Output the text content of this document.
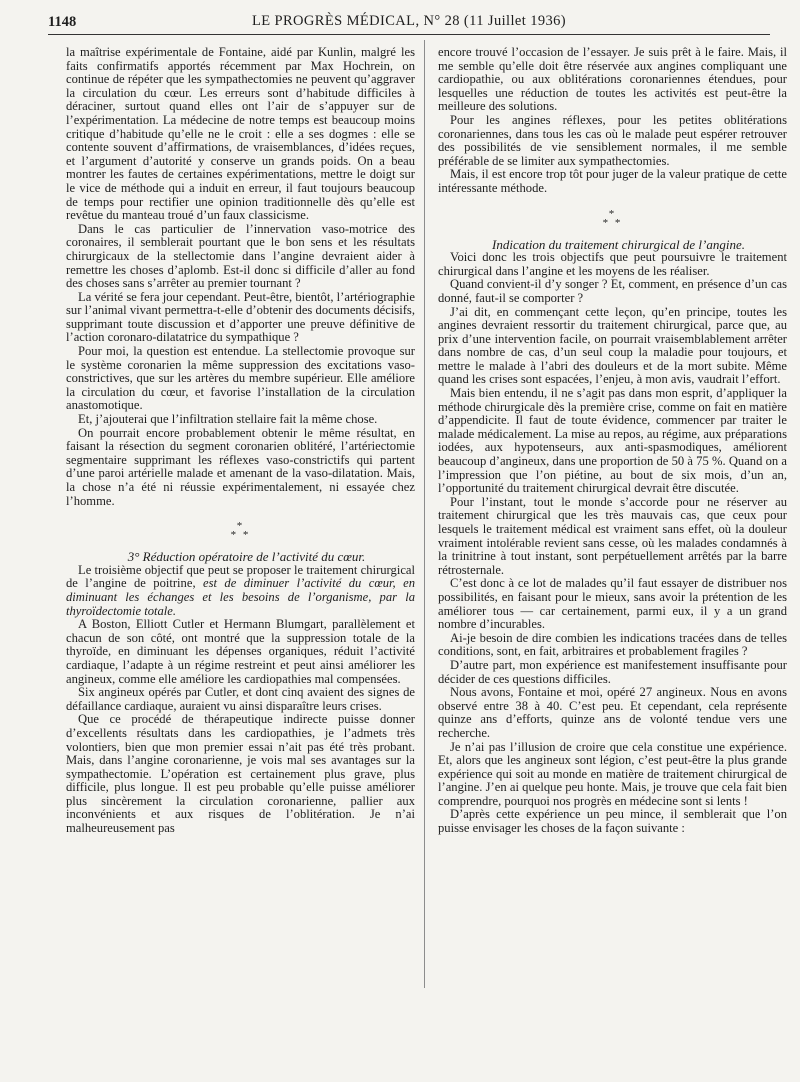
1148	LE PROGRÈS MÉDICAL, N° 28 (11 Juillet 1936)

la maîtrise expérimentale de Fontaine, aidé par Kunlin, malgré les faits confirmatifs apportés récemment par Max Hochrein, on continue de répéter que les sympathectomies ne peuvent qu’aggraver la circulation du cœur. Les erreurs sont d’habitude difficiles à déraciner, surtout quand elles ont l’air de s’appuyer sur de l’expérimentation. La médecine de notre temps est beaucoup moins critique d’habitude qu’elle ne le croit : elle a ses dogmes : elle se contente souvent d’affirmations, de vraisemblances, d’idées reçues, et l’argument d’autorité y conserve un grands poids. On a beau montrer les fautes de certaines expérimentations, mettre le doigt sur le vice de méthode qui a induit en erreur, il faut toujours beaucoup de temps pour rectifier une opinion traditionnelle dès qu’elle est revêtue du manteau troué d’un faux classicisme.

Dans le cas particulier de l’innervation vaso-motrice des coronaires, il semblerait pourtant que le bon sens et les résultats chirurgicaux de la stellectomie dans l’angine devraient aider à remettre les choses d’aplomb. Est-il donc si difficile d’aller au fond des choses sans s’arrêter au premier tournant ?

La vérité se fera jour cependant. Peut-être, bientôt, l’artériographie sur l’animal vivant permettra-t-elle d’obtenir des documents décisifs, supprimant toute discussion et d’apporter une preuve définitive de l’action coronaro-dilatatrice du sympathique ?

Pour moi, la question est entendue. La stellectomie provoque sur le système coronarien la même suppression des excitations vaso-constrictives, que sur les artères du membre supérieur. Elle améliore la circulation du cœur, et favorise l’installation de la circulation anastomotique.

Et, j’ajouterai que l’infiltration stellaire fait la même chose.

On pourrait encore probablement obtenir le même résultat, en faisant la résection du segment coronarien oblitéré, l’artériectomie segmentaire supprimant les réflexes vaso-constrictifs qui partent d’une paroi artérielle malade et amenant de la vaso-dilatation. Mais, la chose n’a été ni réussie expérimentalement, ni essayée chez l’homme.

*
* *

3° Réduction opératoire de l’activité du cœur.

Le troisième objectif que peut se proposer le traitement chirurgical de l’angine de poitrine, est de diminuer l’activité du cœur, en diminuant les échanges et les besoins de l’organisme, par la thyroïdectomie totale.

A Boston, Elliott Cutler et Hermann Blumgart, parallèlement et chacun de son côté, ont montré que la suppression totale de la thyroïde, en diminuant les dépenses organiques, réduit l’activité cardiaque, l’adapte à un régime restreint et peut ainsi améliorer les angineux, comme elle améliore les cardiopathies mal compensées.

Six angineux opérés par Cutler, et dont cinq avaient des signes de défaillance cardiaque, auraient vu ainsi disparaître leurs crises.

Que ce procédé de thérapeutique indirecte puisse donner d’excellents résultats dans les cardiopathies, je l’admets très volontiers, bien que mon premier essai n’ait pas été très probant. Mais, dans l’angine coronarienne, je vois mal ses avantages sur la sympathectomie. L’opération est certainement plus grave, plus difficile, plus longue. Il est peu probable qu’elle puisse améliorer plus sincèrement la circulation coronarienne, pallier aux inconvénients et aux risques de l’oblitération. Je n’ai malheureusement pas

encore trouvé l’occasion de l’essayer. Je suis prêt à le faire. Mais, il me semble qu’elle doit être réservée aux angines compliquant une cardiopathie, ou aux oblitérations coronariennes étendues, pour lesquelles une réduction de toutes les activités est peut-être la meilleure des solutions.

Pour les angines réflexes, pour les petites oblitérations coronariennes, dans tous les cas où le malade peut espérer retrouver des possibilités de vie sensiblement normales, il me semble préférable de se limiter aux sympathectomies.

Mais, il est encore trop tôt pour juger de la valeur pratique de cette intéressante méthode.

*
* *

Indication du traitement chirurgical de l’angine.

Voici donc les trois objectifs que peut poursuivre le traitement chirurgical dans l’angine et les moyens de les réaliser.

Quand convient-il d’y songer ? Et, comment, en présence d’un cas donné, faut-il se comporter ?

J’ai dit, en commençant cette leçon, qu’en principe, toutes les angines devraient ressortir du traitement chirurgical, parce que, au prix d’une intervention facile, on pourrait vraisemblablement arrêter dans nombre de cas, d’un seul coup la maladie pour toujours, et mettre le malade à l’abri des douleurs et de la mort subite. Même quand les crises sont espacées, l’enjeu, à mon avis, vaudrait l’effort.

Mais bien entendu, il ne s’agit pas dans mon esprit, d’appliquer la méthode chirurgicale dès la première crise, comme on fait en matière d’appendicite. Il faut de toute évidence, commencer par traiter le malade médicalement. La mise au repos, au régime, aux préparations iodées, aux hypotenseurs, aux anti-spasmodiques, améliorent beaucoup d’angineux, dans une proportion de 50 à 75 %. Quand on a l’impression que l’on piétine, au bout de six mois, d’un an, l’opportunité du traitement chirurgical devrait être discutée.

Pour l’instant, tout le monde s’accorde pour ne réserver au traitement chirurgical que les très mauvais cas, que ceux pour lesquels le traitement médical est vraiment sans effet, où la douleur vraiment intolérable revient sans cesse, où les malades condamnés à la trinitrine à tout instant, sont perpétuellement arrêtés par la barre rétrosternale.

C’est donc à ce lot de malades qu’il faut essayer de distribuer nos possibilités, en faisant pour le mieux, sans avoir la prétention de les améliorer tous — car certainement, parmi eux, il y a un grand nombre d’incurables.

Ai-je besoin de dire combien les indications tracées dans de telles conditions, sont, en fait, arbitraires et probablement fragiles ?

D’autre part, mon expérience est manifestement insuffisante pour décider de ces questions difficiles.

Nous avons, Fontaine et moi, opéré 27 angineux. Nous en avons observé entre 38 à 40. C’est peu. Et cependant, cela représente quinze ans d’efforts, quinze ans de volonté tendue vers une recherche.

Je n’ai pas l’illusion de croire que cela constitue une expérience. Et, alors que les angineux sont légion, c’est peut-être la plus grande expérience qui soit au monde en matière de traitement chirurgical de l’angine. J’en ai quelque peu honte. Mais, je trouve que cela fait bien comprendre, pourquoi nos progrès en médecine sont si lents !

D’après cette expérience un peu mince, il semblerait que l’on puisse envisager les choses de la façon suivante :
